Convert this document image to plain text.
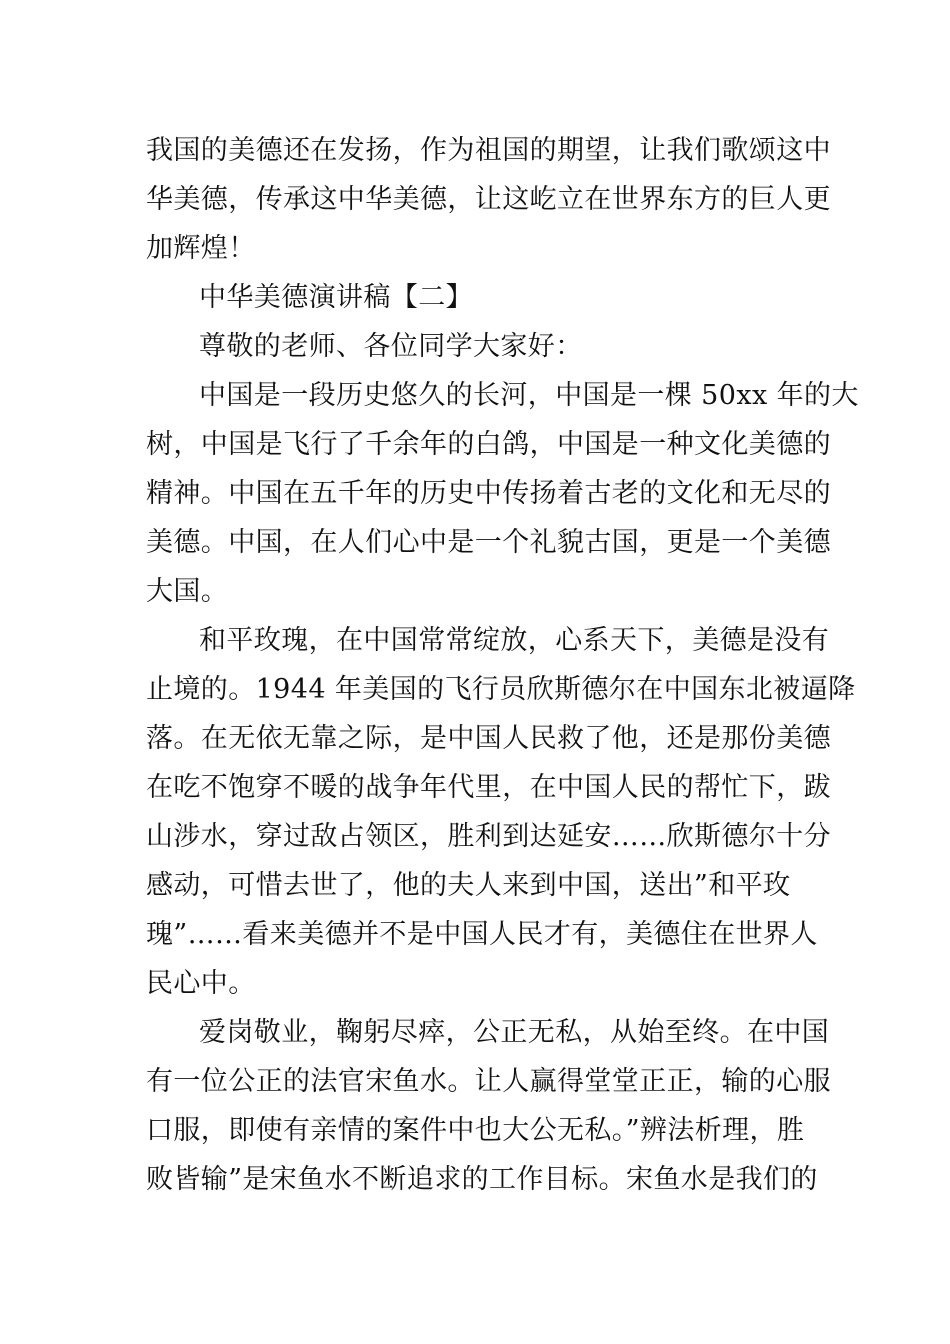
我国的美德还在发扬，作为祖国的期望，让我们歌颂这中
华美德，传承这中华美德，让这屹立在世界东方的巨人更
加辉煌！
中华美德演讲稿【二】
尊敬的老师、各位同学大家好：
中国是一段历史悠久的长河，中国是一棵 50xx 年的大
树，中国是飞行了千余年的白鸽，中国是一种文化美德的
精神。中国在五千年的历史中传扬着古老的文化和无尽的
美德。中国，在人们心中是一个礼貌古国，更是一个美德
大国。
和平玫瑰，在中国常常绽放，心系天下，美德是没有
止境的。1944 年美国的飞行员欣斯德尔在中国东北被逼降
落。在无依无靠之际，是中国人民救了他，还是那份美德
在吃不饱穿不暖的战争年代里，在中国人民的帮忙下，跋
山涉水，穿过敌占领区，胜利到达延安……欣斯德尔十分
感动，可惜去世了，他的夫人来到中国，送出”和平玫
瑰”……看来美德并不是中国人民才有，美德住在世界人
民心中。
爱岗敬业，鞠躬尽瘁，公正无私，从始至终。在中国
有一位公正的法官宋鱼水。让人赢得堂堂正正，输的心服
口服，即使有亲情的案件中也大公无私。”辨法析理，胜
败皆输”是宋鱼水不断追求的工作目标。宋鱼水是我们的
